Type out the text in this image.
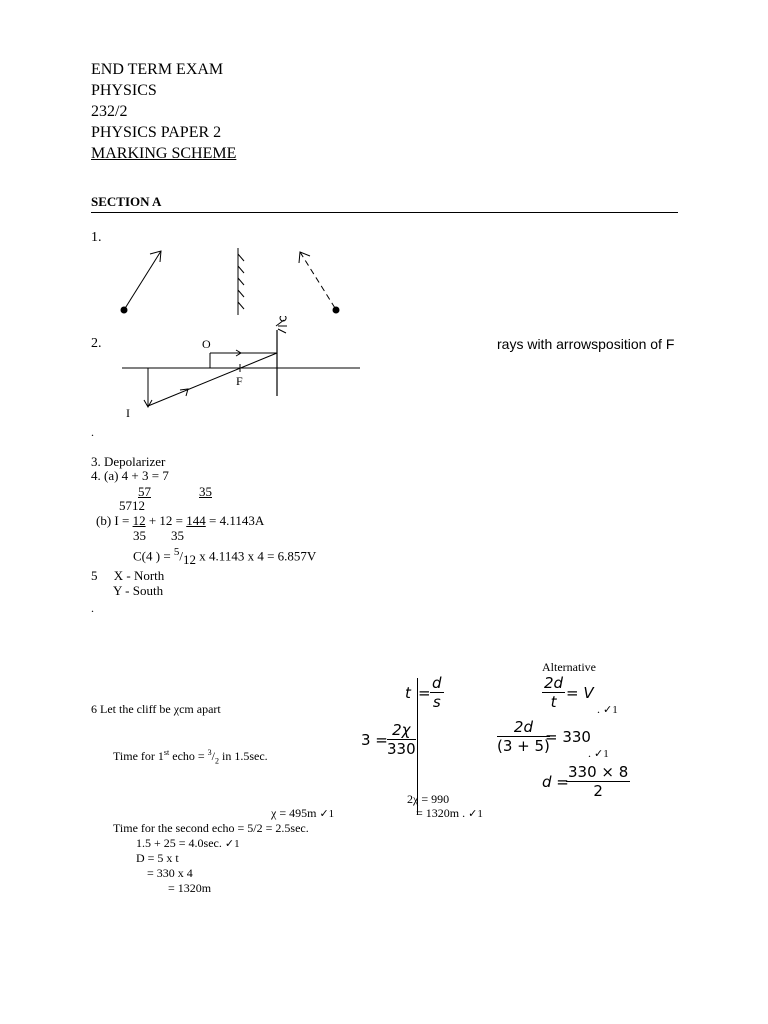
END TERM EXAM
PHYSICS
232/2
PHYSICS PAPER 2
MARKING SCHEME
SECTION A
1.
2.	O
F
I
rays with arrowsposition of F
.
3. Depolarizer
4. (a) 4 + 3 = 7
57	35
5712
(b) I = 12 + 12 = 144 = 4.1143A
35 35
C(4 ) = $^5/_{12}$ x 4.1143 x 4 = 6.857V
5     X - North
Y - South
.
Alternative
6 Let the cliff be χcm apart
Time for 1st echo = $^3/_2$ in 1.5sec.
χ = 495m ✓1
Time for the second echo = 5/2 = 2.5sec.
1.5 + 25 = 4.0sec. ✓1
D = 5 x t
= 330 x 4
= 1320m
$t = \frac{d}{s}$
$3 = \frac{2\chi}{330}$
2χ = 990
= 1320m . ✓1
$\frac{2d}{t} = V$
. ✓1
$\frac{2d}{(3 + 5)}$
= 330
. ✓1
d =
$\frac{330 \times 8}{2}$
